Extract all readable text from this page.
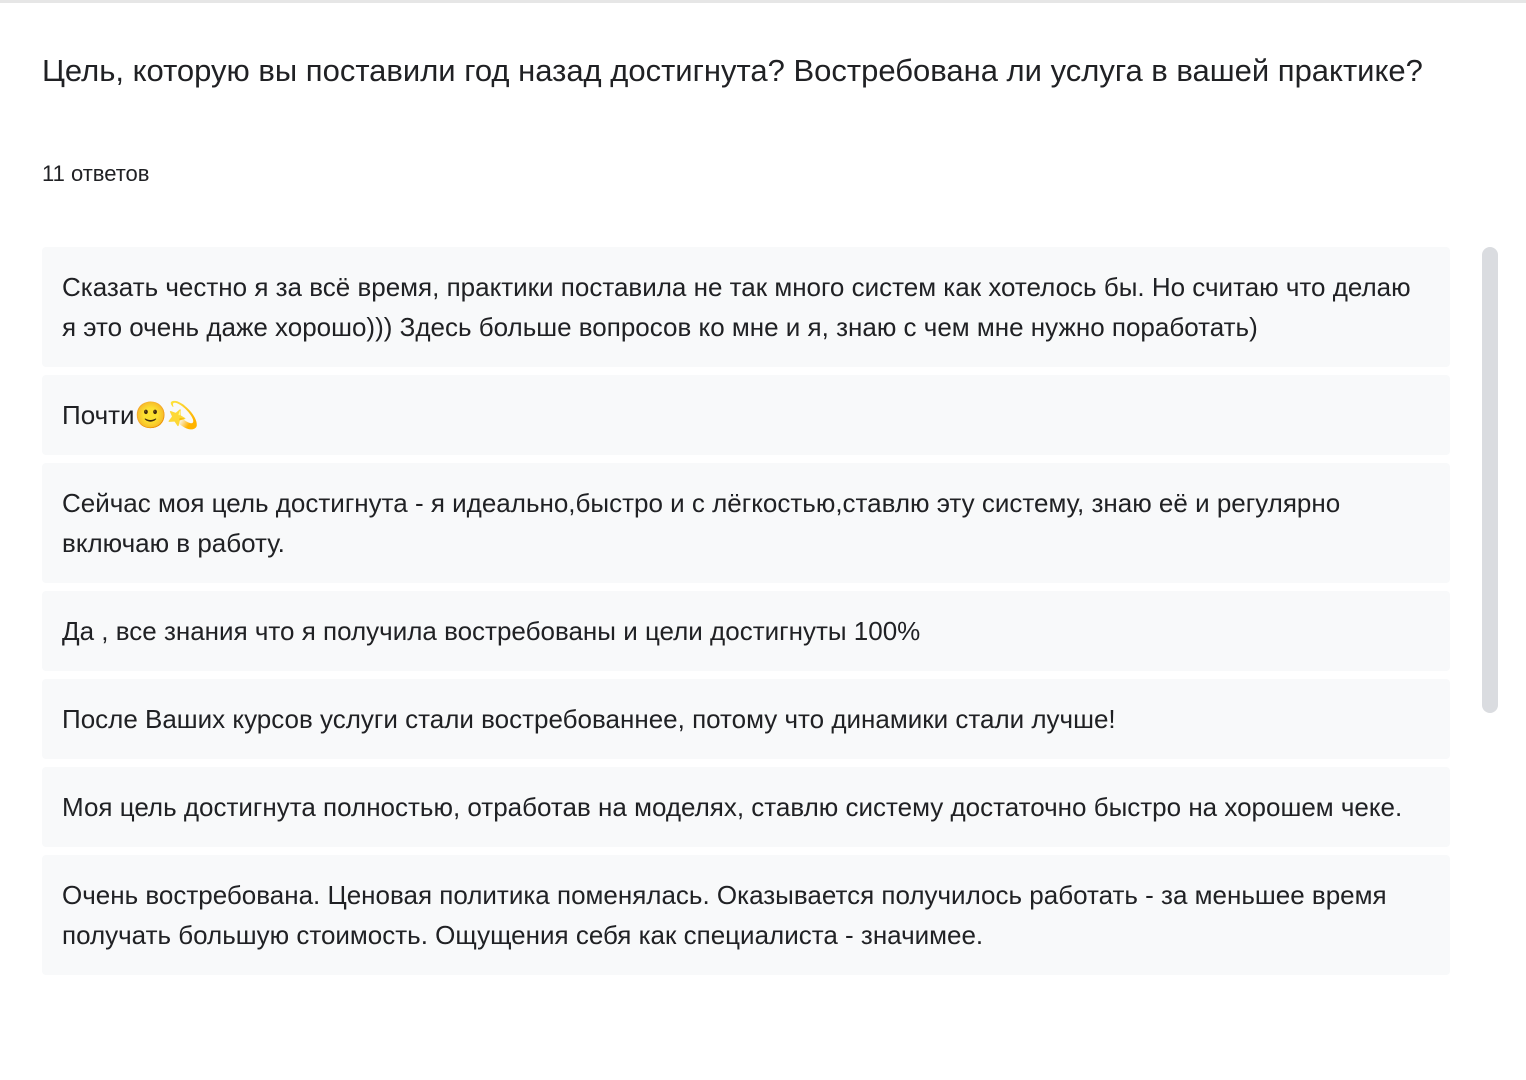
Цель, которую вы поставили год назад достигнута? Востребована ли услуга в вашей практике?
11 ответов
Сказать честно я за всё время, практики поставила не так много систем как хотелось бы. Но считаю что делаю я это очень даже хорошо))) Здесь больше вопросов ко мне и я, знаю с чем мне нужно поработать)
Почти🙂💫
Сейчас моя цель достигнута - я идеально,быстро и с лёгкостью,ставлю эту систему, знаю её и регулярно включаю в работу.
Да , все знания что я получила востребованы и цели достигнуты 100%
После Ваших курсов услуги стали востребованнее, потому что динамики стали лучше!
Моя цель достигнута полностью, отработав на моделях, ставлю систему достаточно быстро на хорошем чеке.
Очень востребована. Ценовая политика поменялась. Оказывается получилось работать - за меньшее время получать большую стоимость. Ощущения себя как специалиста - значимее.
